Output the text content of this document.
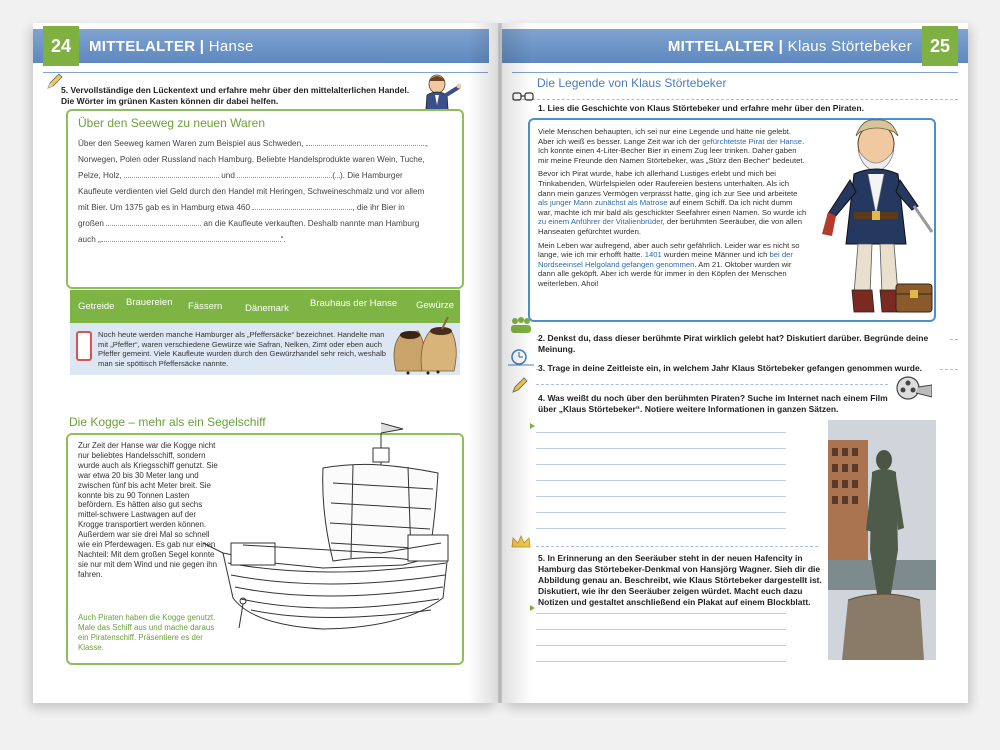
24	MITTELALTER | Hanse
5. Vervollständige den Lückentext und erfahre mehr über den mittelalterlichen Handel. Die Wörter im grünen Kasten können dir dabei helfen.
Über den Seeweg zu neuen Waren
Über den Seeweg kamen Waren zum Beispiel aus Schweden,	,
Norwegen, Polen oder Russland nach Hamburg. Beliebte Handelsprodukte waren Wein, Tuche,
Pelze, Holz,	und	( ). Die Hamburger
Kaufleute verdienten viel Geld durch den Handel mit Heringen, Schweineschmalz und vor allem
mit Bier. Um 1375 gab es in Hamburg etwa 460	, die ihr Bier in
großen	an die Kaufleute verkauften. Deshalb nannte man Hamburg
auch „	“.
Getreide Brauereien Fässern Dänemark Brauhaus der Hanse Gewürze
Noch heute werden manche Hamburger als „Pfeffersäcke“ bezeichnet. Handelte man mit „Pfeffer“, waren verschiedene Gewürze wie Safran, Nelken, Zimt oder eben auch Pfeffer gemeint. Viele Kaufleute wurden durch den Gewürzhandel sehr reich, weshalb man sie spöttisch Pfeffersäcke nannte.
Die Kogge – mehr als ein Segelschiff
Zur Zeit der Hanse war die Kogge nicht nur beliebtes Handelsschiff, sondern wurde auch als Kriegsschiff genutzt. Sie war etwa 20 bis 30 Meter lang und zwischen fünf bis acht Meter breit. Sie konnte bis zu 90 Tonnen Lasten befördern. Es hätten also gut sechs mittel-schwere Lastwagen auf der Krogge transportiert werden können. Außerdem war sie drei Mal so schnell wie ein Pferdewagen. Es gab nur einen Nachteil: Mit dem großen Segel konnte sie nur mit dem Wind und nie gegen ihn fahren.
Auch Piraten haben die Kogge genutzt. Male das Schiff aus und mache daraus ein Piratenschiff. Präsentiere es der Klasse.
MITTELALTER | Klaus Störtebeker 25
Die Legende von Klaus Störtebeker
1. Lies die Geschichte von Klaus Störtebeker und erfahre mehr über den Piraten.

Viele Menschen behaupten, ich sei nur eine Legende und hätte nie gelebt. Aber ich weiß es besser. Lange Zeit war ich der gefürchtetste Pirat der Hanse. Ich konnte einen 4-Liter-Becher Bier in einem Zug leer trinken. Daher gaben mir meine Freunde den Namen Störtebeker, was „Stürz den Becher“ bedeutet.

Bevor ich Pirat wurde, habe ich allerhand Lustiges erlebt und mich bei Trinkabenden, Würfelspielen oder Raufereien bestens unterhalten. Als ich dann mein ganzes Vermögen verprasst hatte, ging ich zur See und arbeitete als junger Mann zunächst als Matrose auf einem Schiff. Da ich nicht dumm war, machte ich mir bald als geschickter Seefahrer einen Namen. So wurde ich zu einem Anführer der Vitalienbrüder, der berühmten Seeräuber, die von allen Hanseaten gefürchtet wurden.

Mein Leben war aufregend, aber auch sehr gefährlich. Leider war es nicht so lange, wie ich mir erhofft hatte. 1401 wurden meine Männer und ich bei der Nordseeinsel Helgoland gefangen genommen. Am 21. Oktober wurden wir dann alle geköpft. Aber ich werde für immer in den Köpfen der Menschen weiterleben. Ahoi!

2. Denkst du, dass dieser berühmte Pirat wirklich gelebt hat? Diskutiert darüber. Begründe deine Meinung.
3. Trage in deine Zeitleiste ein, in welchem Jahr Klaus Störtebeker gefangen genommen wurde.
4. Was weißt du noch über den berühmten Piraten? Suche im Internet nach einem Film über „Klaus Störtebeker“. Notiere weitere Informationen in ganzen Sätzen.
5. In Erinnerung an den Seeräuber steht in der neuen Hafencity in Hamburg das Störtebeker-Denkmal von Hansjörg Wagner. Sieh dir die Abbildung genau an. Beschreibt, wie Klaus Störtebeker dargestellt ist. Diskutiert, wie ihr den Seeräuber zeigen würdet. Macht euch dazu Notizen und gestaltet anschließend ein Plakat auf einem Blockblatt.
